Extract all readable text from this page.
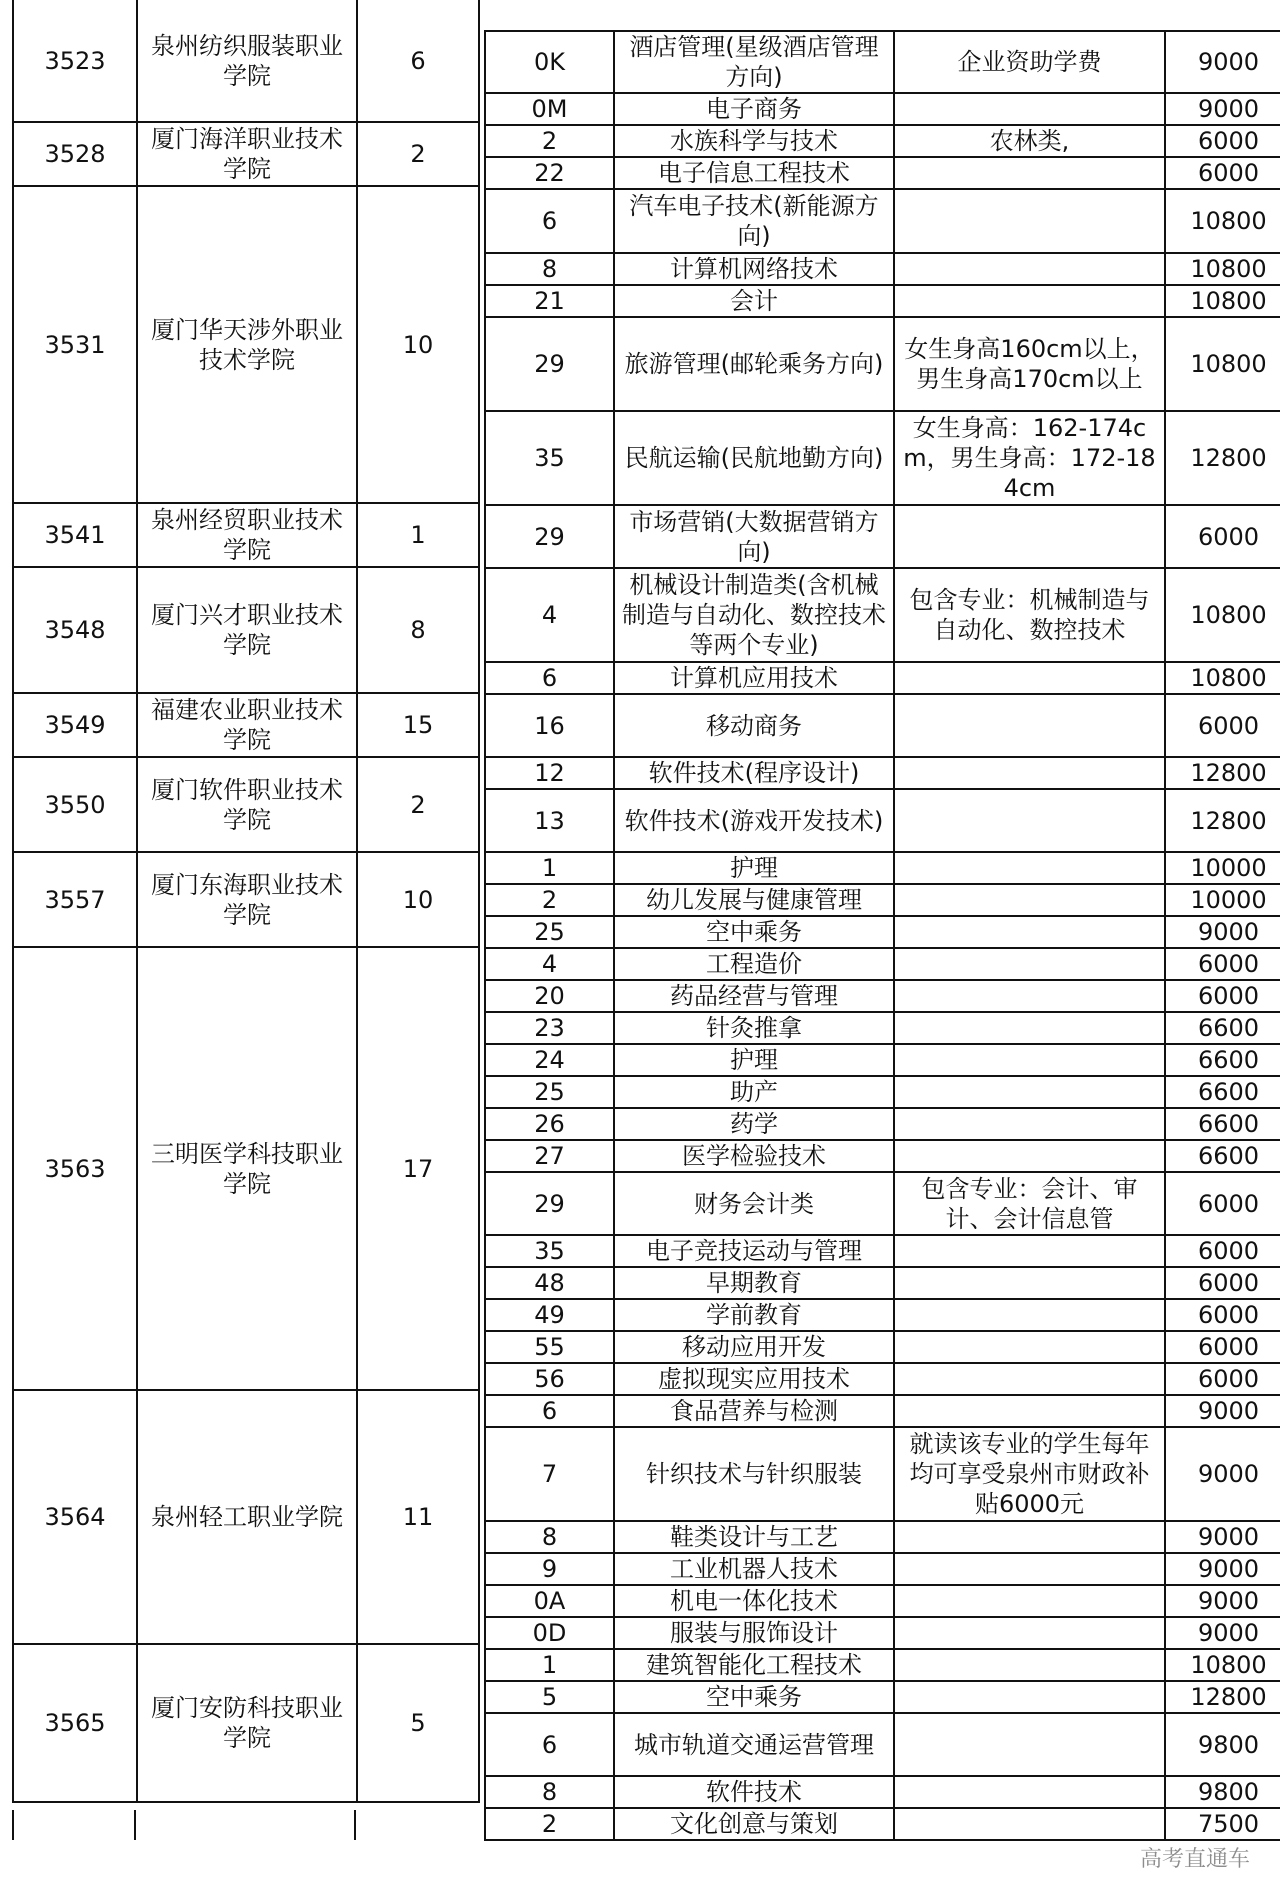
3523	泉州纺织服装职业学院	6
3528	厦门海洋职业技术学院	2
3531	厦门华天涉外职业技术学院	10
3541	泉州经贸职业技术学院	1
3548	厦门兴才职业技术学院	8
3549	福建农业职业技术学院	15
3550	厦门软件职业技术学院	2
3557	厦门东海职业技术学院	10
3563	三明医学科技职业学院	17
3564	泉州轻工职业学院	11
3565	厦门安防科技职业学院	5
0K	酒店管理(星级酒店管理方向)	企业资助学费	9000
0M	电子商务		9000
2	水族科学与技术	农林类,	6000
22	电子信息工程技术		6000
6	汽车电子技术(新能源方向)		10800
8	计算机网络技术		10800
21	会计		10800
29	旅游管理(邮轮乘务方向)	女生身高160cm以上，男生身高170cm以上	10800
35	民航运输(民航地勤方向)	女生身高：162-174cm，男生身高：172-184cm	12800
29	市场营销(大数据营销方向)		6000
4	机械设计制造类(含机械制造与自动化、数控技术等两个专业)	包含专业：机械制造与自动化、数控技术	10800
6	计算机应用技术		10800
16	移动商务		6000
12	软件技术(程序设计)		12800
13	软件技术(游戏开发技术)		12800
1	护理		10000
2	幼儿发展与健康管理		10000
25	空中乘务		9000
4	工程造价		6000
20	药品经营与管理		6000
23	针灸推拿		6600
24	护理		6600
25	助产		6600
26	药学		6600
27	医学检验技术		6600
29	财务会计类	包含专业：会计、审计、会计信息管	6000
35	电子竞技运动与管理		6000
48	早期教育		6000
49	学前教育		6000
55	移动应用开发		6000
56	虚拟现实应用技术		6000
6	食品营养与检测		9000
7	针织技术与针织服装	就读该专业的学生每年均可享受泉州市财政补贴6000元	9000
8	鞋类设计与工艺		9000
9	工业机器人技术		9000
0A	机电一体化技术		9000
0D	服装与服饰设计		9000
1	建筑智能化工程技术		10800
5	空中乘务		12800
6	城市轨道交通运营管理		9800
8	软件技术		9800
2	文化创意与策划		7500
高考直通车
